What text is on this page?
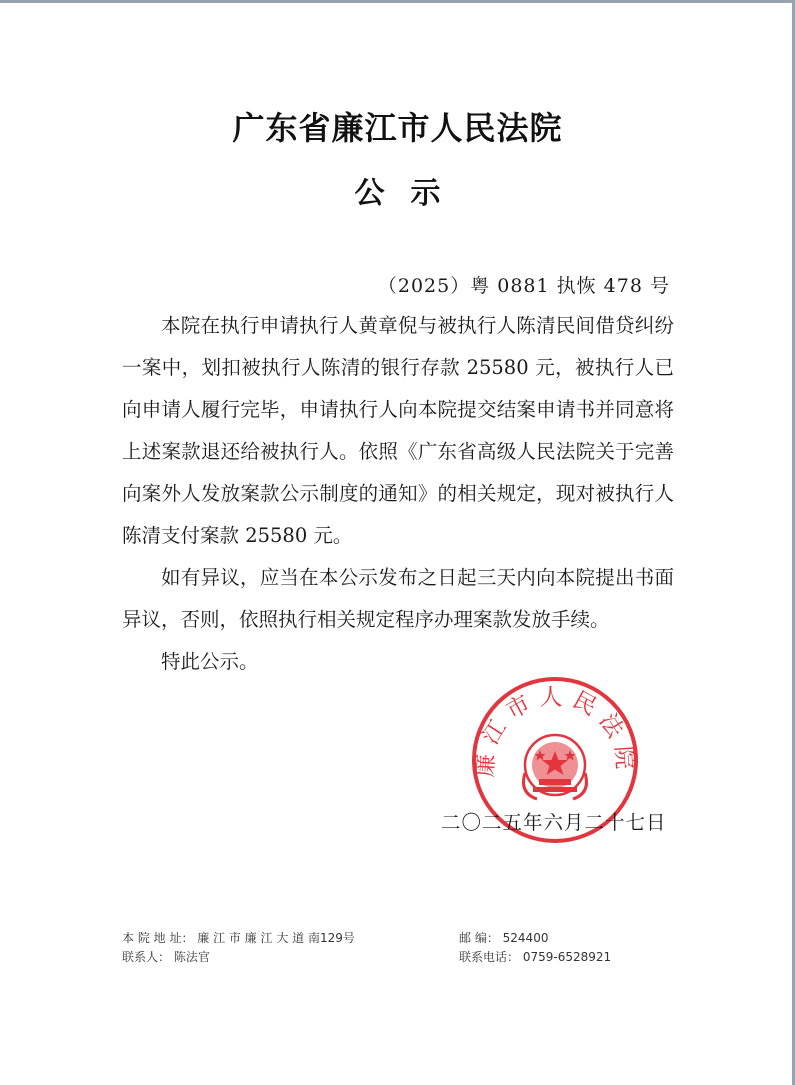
广东省廉江市人民法院
公示
（2025）粤 0881 执恢 478 号

本院在执行申请执行人黄章倪与被执行人陈清民间借贷纠纷一案中，划扣被执行人陈清的银行存款 25580 元，被执行人已向申请人履行完毕，申请执行人向本院提交结案申请书并同意将上述案款退还给被执行人。依照《广东省高级人民法院关于完善向案外人发放案款公示制度的通知》的相关规定，现对被执行人陈清支付案款 25580 元。

如有异议，应当在本公示发布之日起三天内向本院提出书面异议，否则，依照执行相关规定程序办理案款发放手续。

特此公示。

廉江市人民法院
二〇二五年六月二十七日
本 院 地 址： 廉 江 市 廉 江 大 道 南129号
联系人： 陈法官
邮 编： 524400
联系电话： 0759-6528921
